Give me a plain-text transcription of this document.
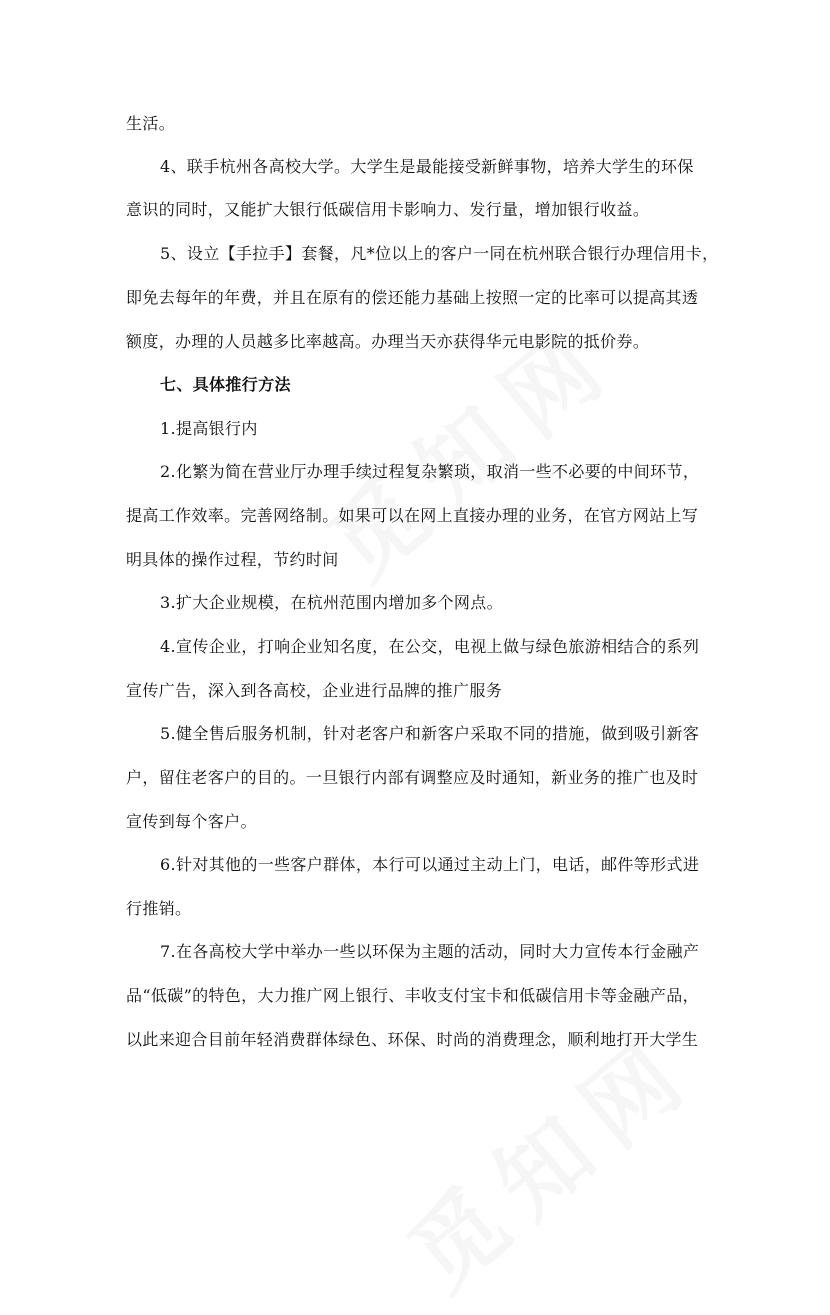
生活。
4、联手杭州各高校大学。大学生是最能接受新鲜事物，培养大学生的环保
意识的同时，又能扩大银行低碳信用卡影响力、发行量，增加银行收益。
5、设立【手拉手】套餐，凡*位以上的客户一同在杭州联合银行办理信用卡，
即免去每年的年费，并且在原有的偿还能力基础上按照一定的比率可以提高其透
额度，办理的人员越多比率越高。办理当天亦获得华元电影院的抵价券。
七、具体推行方法
1.提高银行内
2.化繁为简在营业厅办理手续过程复杂繁琐，取消一些不必要的中间环节，
提高工作效率。完善网络制。如果可以在网上直接办理的业务，在官方网站上写
明具体的操作过程，节约时间
3.扩大企业规模，在杭州范围内增加多个网点。
4.宣传企业，打响企业知名度，在公交，电视上做与绿色旅游相结合的系列
宣传广告，深入到各高校，企业进行品牌的推广服务
5.健全售后服务机制，针对老客户和新客户采取不同的措施，做到吸引新客
户，留住老客户的目的。一旦银行内部有调整应及时通知，新业务的推广也及时
宣传到每个客户。
6.针对其他的一些客户群体，本行可以通过主动上门，电话，邮件等形式进
行推销。
7.在各高校大学中举办一些以环保为主题的活动，同时大力宣传本行金融产
品“低碳”的特色，大力推广网上银行、丰收支付宝卡和低碳信用卡等金融产品，
以此来迎合目前年轻消费群体绿色、环保、时尚的消费理念，顺利地打开大学生
